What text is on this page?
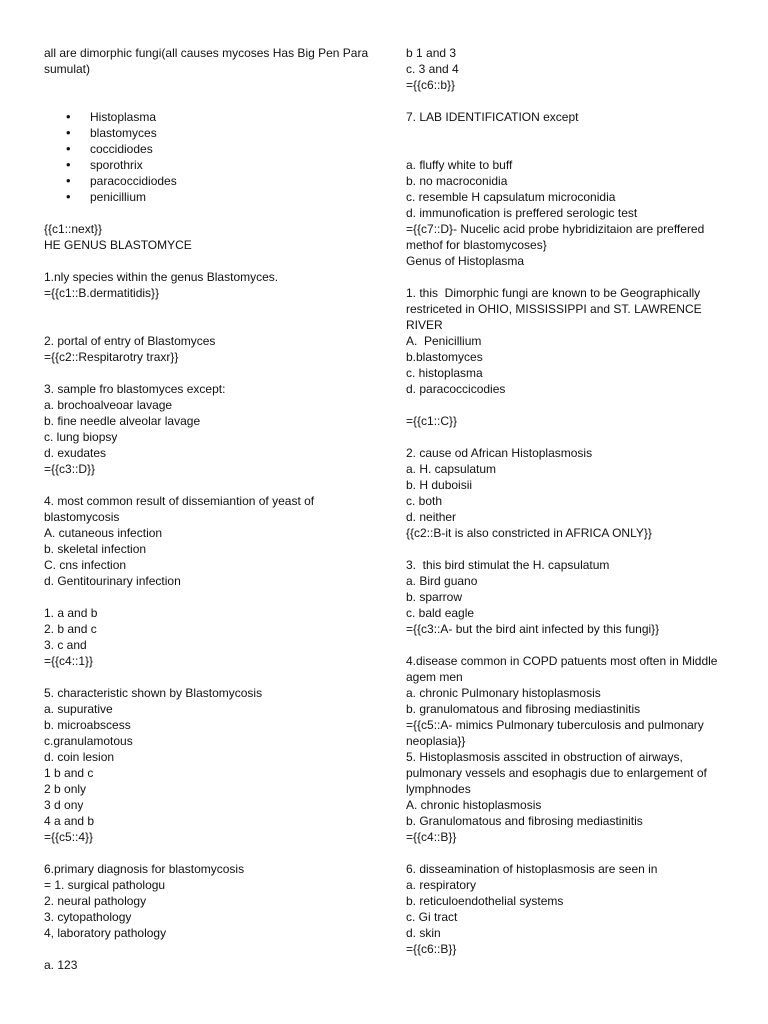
all are dimorphic fungi(all causes mycoses Has Big Pen Para sumulat)
• Histoplasma
• blastomyces
• coccidiodes
• sporothrix
• paracoccidiodes
• penicillium
{{c1::next}}
HE GENUS BLASTOMYCE
1.nly species within the genus Blastomyces.
={{c1::B.dermatitidis}}
2. portal of entry of Blastomyces
={{c2::Respitarotry traxr}}
3. sample fro blastomyces except:
a. brochoalveoar lavage
b. fine needle alveolar lavage
c. lung biopsy
d. exudates
={{c3::D}}
4. most common result of dissemiantion of yeast of blastomycosis
A. cutaneous infection
b. skeletal infection
C. cns infection
d. Gentitourinary infection
1. a and b
2. b and c
3. c and
={{c4::1}}
5. characteristic shown by Blastomycosis
a. supurative
b. microabscess
c.granulamotous
d. coin lesion
1 b and c
2 b only
3 d ony
4 a and b
={{c5::4}}
6.primary diagnosis for blastomycosis
= 1. surgical pathologu
2. neural pathology
3. cytopathology
4, laboratory pathology
a. 123
b 1 and 3
c. 3 and 4
={{c6::b}}
7. LAB IDENTIFICATION except
a. fluffy white to buff
b. no macroconidia
c. resemble H capsulatum microconidia
d. immunofication is preffered serologic test
={{c7::D}- Nucelic acid probe hybridizitaion are preffered methof for blastomycoses}
Genus of Histoplasma
1. this  Dimorphic fungi are known to be Geographically restriceted in OHIO, MISSISSIPPI and ST. LAWRENCE RIVER
A.  Penicillium
b.blastomyces
c. histoplasma
d. paracoccicodies
={{c1::C}}
2. cause od African Histoplasmosis
a. H. capsulatum
b. H duboisii
c. both
d. neither
{{c2::B-it is also constricted in AFRICA ONLY}}
3.  this bird stimulat the H. capsulatum
a. Bird guano
b. sparrow
c. bald eagle
={{c3::A- but the bird aint infected by this fungi}}
4.disease common in COPD patuents most often in Middle agem men
a. chronic Pulmonary histoplasmosis
b. granulomatous and fibrosing mediastinitis
={{c5::A- mimics Pulmonary tuberculosis and pulmonary neoplasia}}
5. Histoplasmosis asscited in obstruction of airways, pulmonary vessels and esophagis due to enlargement of lymphnodes
A. chronic histoplasmosis
b. Granulomatous and fibrosing mediastinitis
={{c4::B}}
6. disseamination of histoplasmosis are seen in
a. respiratory
b. reticuloendothelial systems
c. Gi tract
d. skin
={{c6::B}}
